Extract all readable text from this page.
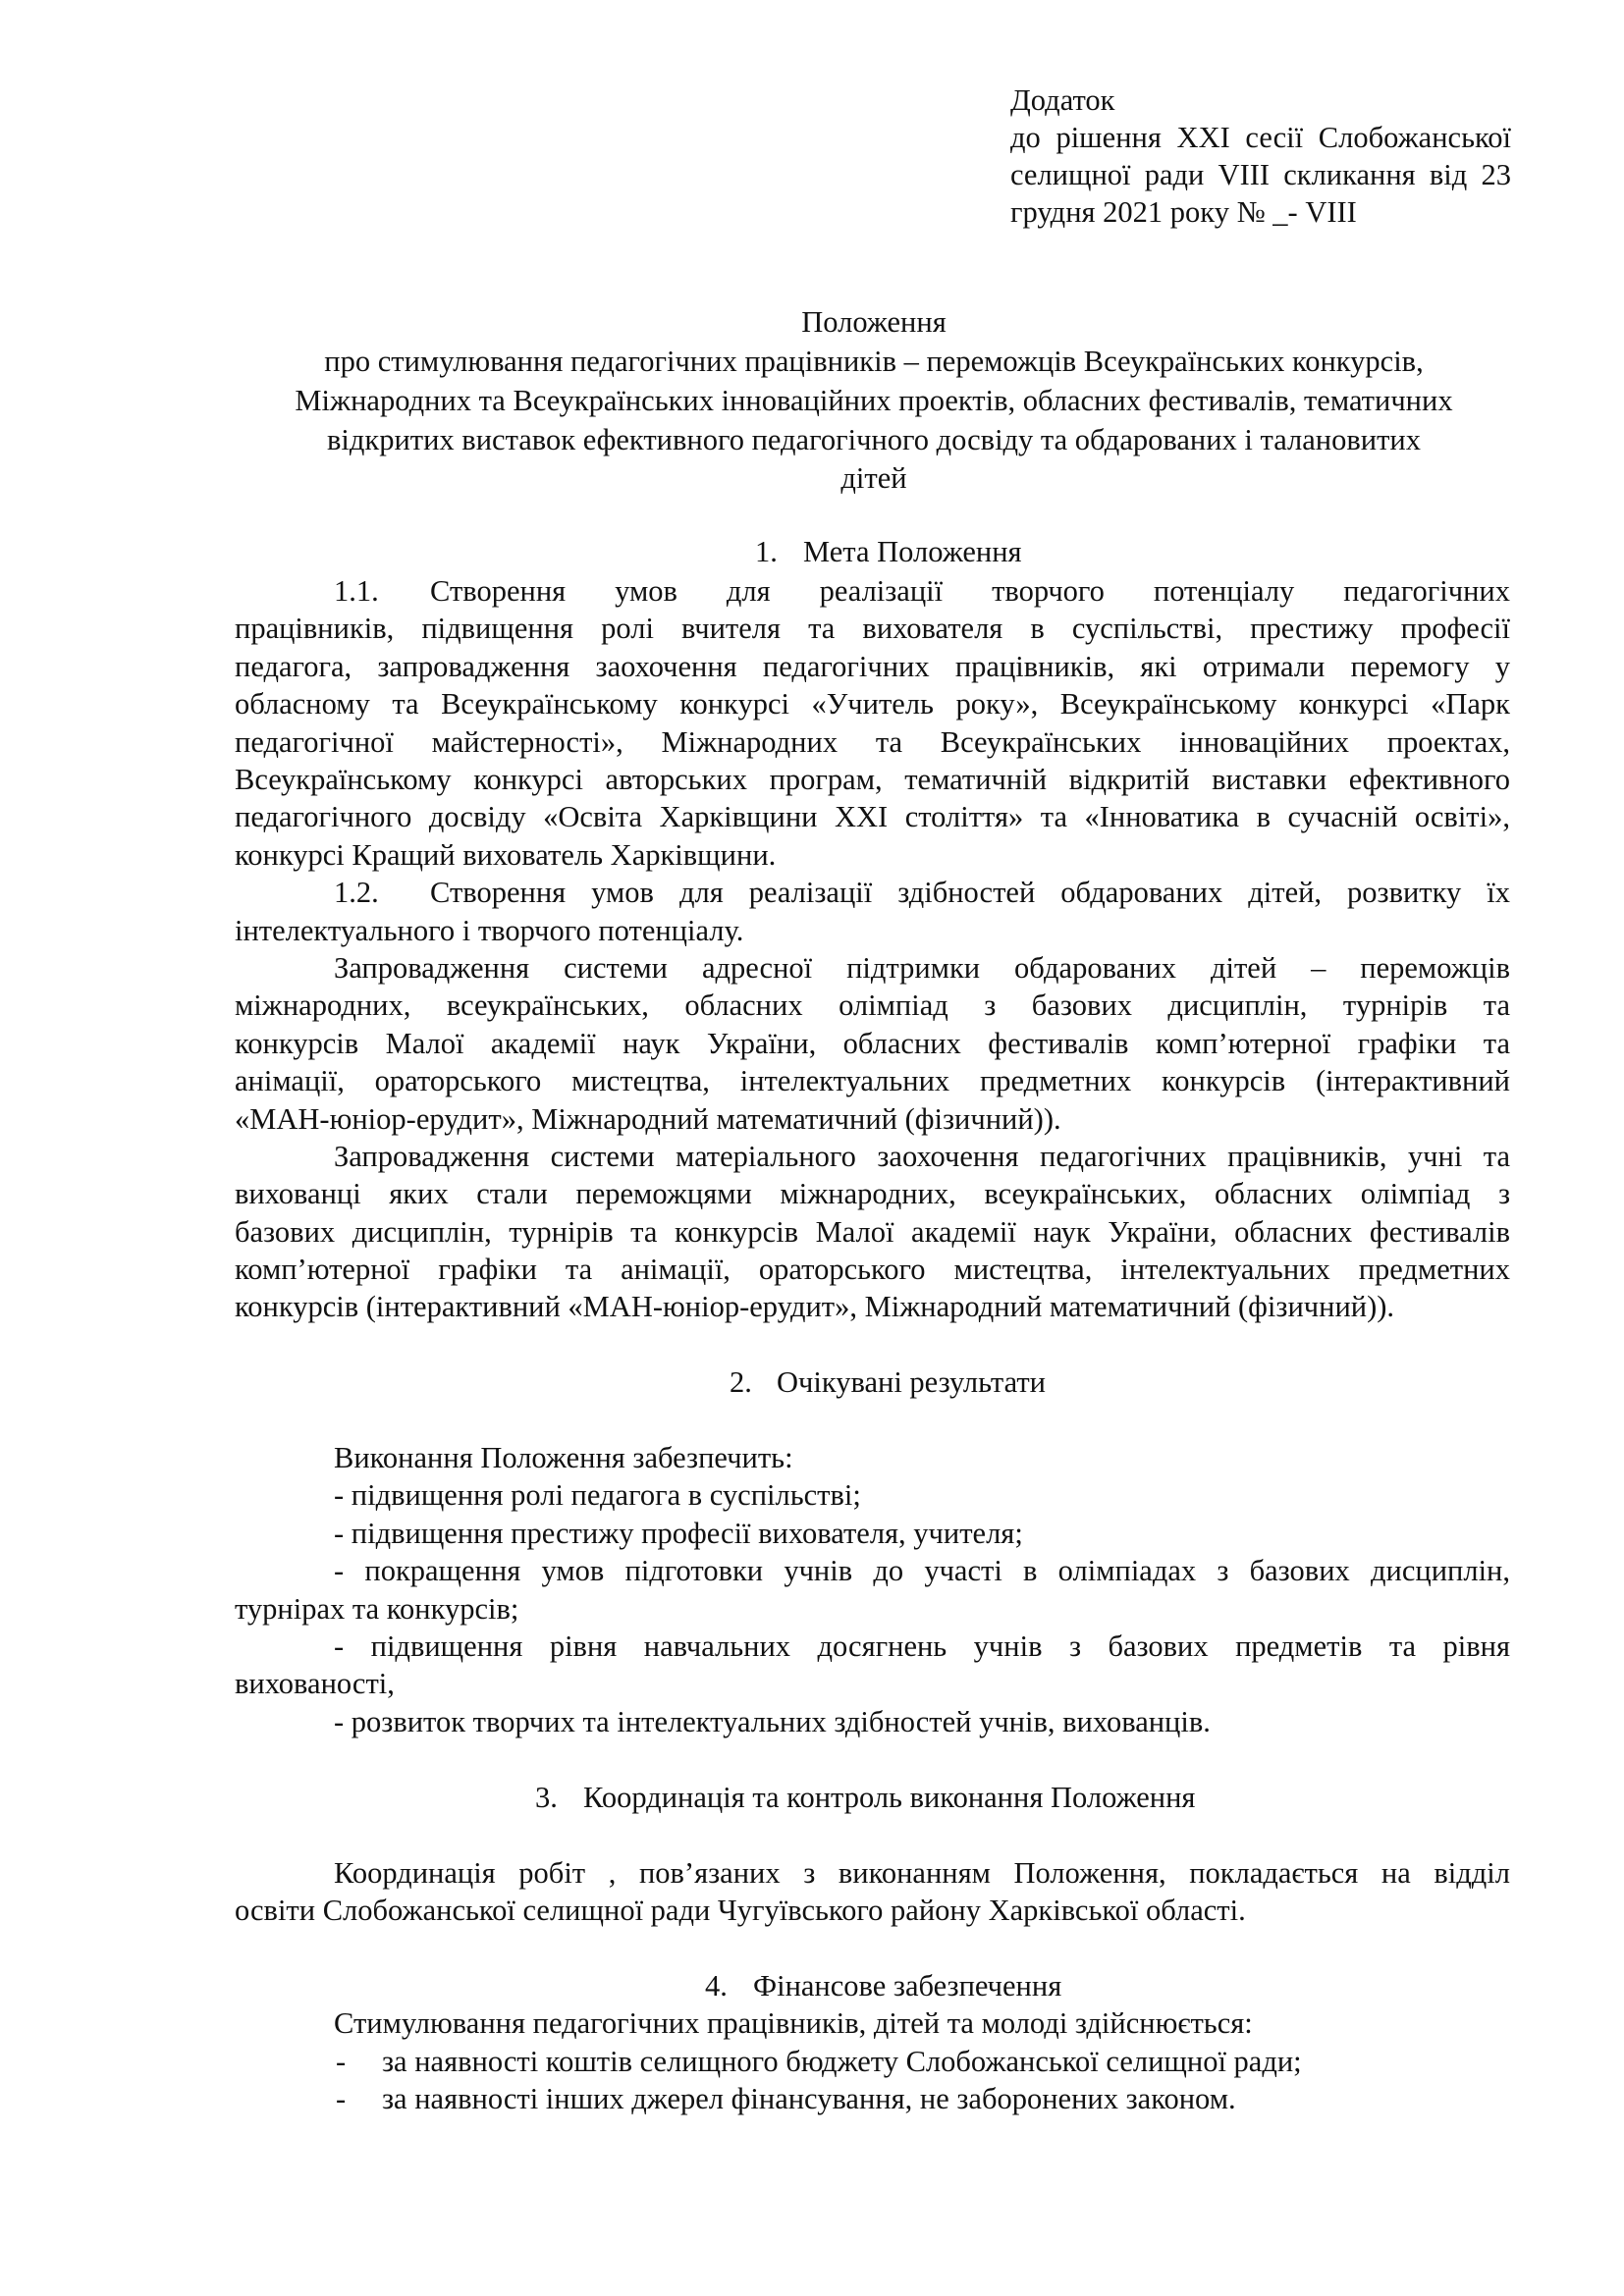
Додаток
до рішення XXI сесії Слобожанської
селищної ради VIII скликання від 23
грудня 2021 року № _- VIII
Положення
про стимулювання педагогічних працівників – переможців Всеукраїнських конкурсів,
Міжнародних та Всеукраїнських інноваційних проектів, обласних фестивалів, тематичних
відкритих виставок ефективного педагогічного досвіду та обдарованих і талановитих
дітей
1. Мета Положення
1.1. Створення умов для реалізації творчого потенціалу педагогічних
працівників, підвищення ролі вчителя та вихователя в суспільстві, престижу професії
педагога, запровадження заохочення педагогічних працівників, які отримали перемогу у
обласному та Всеукраїнському конкурсі «Учитель року», Всеукраїнському конкурсі «Парк
педагогічної майстерності», Міжнародних та Всеукраїнських інноваційних проектах,
Всеукраїнському конкурсі авторських програм, тематичній відкритій виставки ефективного
педагогічного досвіду «Освіта Харківщини XXI століття» та «Інноватика в сучасній освіті»,
конкурсі Кращий вихователь Харківщини.
1.2. Створення умов для реалізації здібностей обдарованих дітей, розвитку їх
інтелектуального і творчого потенціалу.
Запровадження системи адресної підтримки обдарованих дітей – переможців
міжнародних, всеукраїнських, обласних олімпіад з базових дисциплін, турнірів та
конкурсів Малої академії наук України, обласних фестивалів комп’ютерної графіки та
анімації, ораторського мистецтва, інтелектуальних предметних конкурсів (інтерактивний
«МАН-юніор-ерудит», Міжнародний математичний (фізичний)).
Запровадження системи матеріального заохочення педагогічних працівників, учні та
вихованці яких стали переможцями міжнародних, всеукраїнських, обласних олімпіад з
базових дисциплін, турнірів та конкурсів Малої академії наук України, обласних фестивалів
комп’ютерної графіки та анімації, ораторського мистецтва, інтелектуальних предметних
конкурсів (інтерактивний «МАН-юніор-ерудит», Міжнародний математичний (фізичний)).
2. Очікувані результати
Виконання Положення забезпечить:
- підвищення ролі педагога в суспільстві;
- підвищення престижу професії вихователя, учителя;
- покращення умов підготовки учнів до участі в олімпіадах з базових дисциплін,
турнірах та конкурсів;
- підвищення рівня навчальних досягнень учнів з базових предметів та рівня
вихованості,
- розвиток творчих та інтелектуальних здібностей учнів, вихованців.
3. Координація та контроль виконання Положення
Координація робіт , пов’язаних з виконанням Положення, покладається на відділ
освіти Слобожанської селищної ради Чугуївського району Харківської області.
4. Фінансове забезпечення
Стимулювання педагогічних працівників, дітей та молоді здійснюється:
- за наявності коштів селищного бюджету Слобожанської селищної ради;
- за наявності інших джерел фінансування, не заборонених законом.
